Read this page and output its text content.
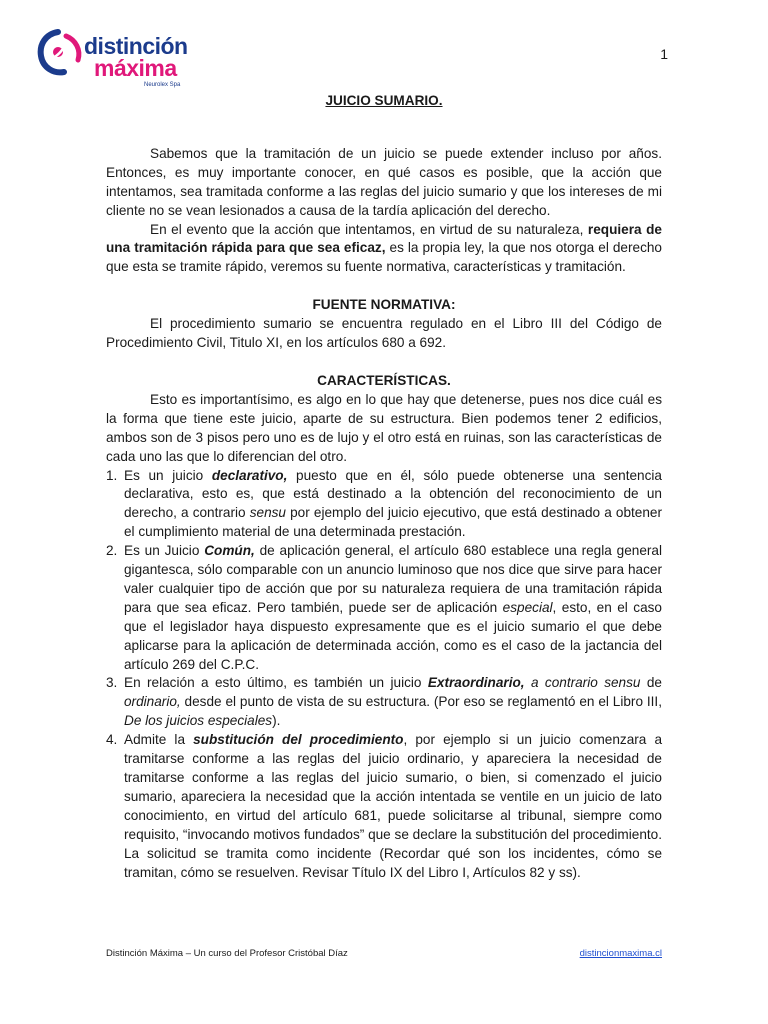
distinción
máxima
Neurolex Spa
1
JUICIO SUMARIO.

Sabemos que la tramitación de un juicio se puede extender incluso por años. Entonces, es muy importante conocer, en qué casos es posible, que la acción que intentamos, sea tramitada conforme a las reglas del juicio sumario y que los intereses de mi cliente no se vean lesionados a causa de la tardía aplicación del derecho.

En el evento que la acción que intentamos, en virtud de su naturaleza, requiera de una tramitación rápida para que sea eficaz, es la propia ley, la que nos otorga el derecho que esta se tramite rápido, veremos su fuente normativa, características y tramitación.

FUENTE NORMATIVA:

El procedimiento sumario se encuentra regulado en el Libro III del Código de Procedimiento Civil, Titulo XI, en los artículos 680 a 692.

CARACTERÍSTICAS.

Esto es importantísimo, es algo en lo que hay que detenerse, pues nos dice cuál es la forma que tiene este juicio, aparte de su estructura. Bien podemos tener 2 edificios, ambos son de 3 pisos pero uno es de lujo y el otro está en ruinas, son las características de cada uno las que lo diferencian del otro.

1. Es un juicio declarativo, puesto que en él, sólo puede obtenerse una sentencia declarativa, esto es, que está destinado a la obtención del reconocimiento de un derecho, a contrario sensu por ejemplo del juicio ejecutivo, que está destinado a obtener el cumplimiento material de una determinada prestación.
2. Es un Juicio Común, de aplicación general, el artículo 680 establece una regla general gigantesca, sólo comparable con un anuncio luminoso que nos dice que sirve para hacer valer cualquier tipo de acción que por su naturaleza requiera de una tramitación rápida para que sea eficaz. Pero también, puede ser de aplicación especial, esto, en el caso que el legislador haya dispuesto expresamente que es el juicio sumario el que debe aplicarse para la aplicación de determinada acción, como es el caso de la jactancia del artículo 269 del C.P.C.
3. En relación a esto último, es también un juicio Extraordinario, a contrario sensu de ordinario, desde el punto de vista de su estructura. (Por eso se reglamentó en el Libro III, De los juicios especiales).
4. Admite la substitución del procedimiento, por ejemplo si un juicio comenzara a tramitarse conforme a las reglas del juicio ordinario, y apareciera la necesidad de tramitarse conforme a las reglas del juicio sumario, o bien, si comenzado el juicio sumario, apareciera la necesidad que la acción intentada se ventile en un juicio de lato conocimiento, en virtud del artículo 681, puede solicitarse al tribunal, siempre como requisito, “invocando motivos fundados” que se declare la substitución del procedimiento. La solicitud se tramita como incidente (Recordar qué son los incidentes, cómo se tramitan, cómo se resuelven. Revisar Título IX del Libro I, Artículos 82 y ss).
Distinción Máxima – Un curso del Profesor Cristóbal Díaz	distincionmaxima.cl
